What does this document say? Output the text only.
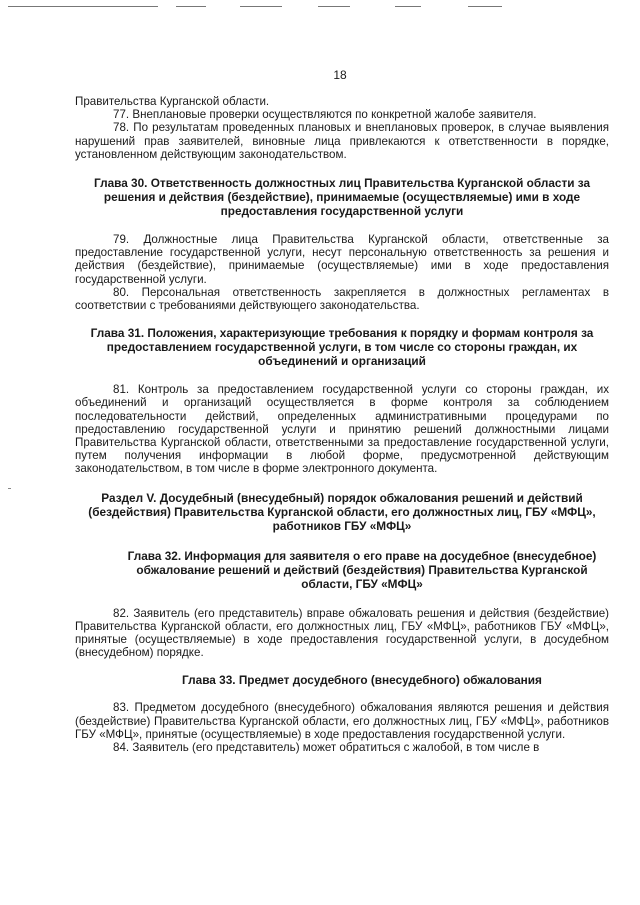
18

Правительства Курганской области.

77. Внеплановые проверки осуществляются по конкретной жалобе заявителя.

78. По результатам проведенных плановых и внеплановых проверок, в случае выявления нарушений прав заявителей, виновные лица привлекаются к ответственности в порядке, установленном действующим законодательством.

Глава 30. Ответственность должностных лиц Правительства Курганской области за решения и действия (бездействие), принимаемые (осуществляемые) ими в ходе предоставления государственной услуги

79. Должностные лица Правительства Курганской области, ответственные за предоставление государственной услуги, несут персональную ответственность за решения и действия (бездействие), принимаемые (осуществляемые) ими в ходе предоставления государственной услуги.

80. Персональная ответственность закрепляется в должностных регламентах в соответствии с требованиями действующего законодательства.

Глава 31. Положения, характеризующие требования к порядку и формам контроля за предоставлением государственной услуги, в том числе со стороны граждан, их объединений и организаций

81. Контроль за предоставлением государственной услуги со стороны граждан, их объединений и организаций осуществляется в форме контроля за соблюдением последовательности действий, определенных административными процедурами по предоставлению государственной услуги и принятию решений должностными лицами Правительства Курганской области, ответственными за предоставление государственной услуги, путем получения информации в любой форме, предусмотренной действующим законодательством, в том числе в форме электронного документа.

Раздел V. Досудебный (внесудебный) порядок обжалования решений и действий (бездействия) Правительства Курганской области, его должностных лиц, ГБУ «МФЦ», работников ГБУ «МФЦ»

Глава 32. Информация для заявителя о его праве на досудебное (внесудебное) обжалование решений и действий (бездействия) Правительства Курганской области, ГБУ «МФЦ»

82. Заявитель (его представитель) вправе обжаловать решения и действия (бездействие) Правительства Курганской области, его должностных лиц, ГБУ «МФЦ», работников ГБУ «МФЦ», принятые (осуществляемые) в ходе предоставления государственной услуги, в досудебном (внесудебном) порядке.

Глава 33. Предмет досудебного (внесудебного) обжалования

83. Предметом досудебного (внесудебного) обжалования являются решения и действия (бездействие) Правительства Курганской области, его должностных лиц, ГБУ «МФЦ», работников ГБУ «МФЦ», принятые (осуществляемые) в ходе предоставления государственной услуги.

84. Заявитель (его представитель) может обратиться с жалобой, в том числе в
